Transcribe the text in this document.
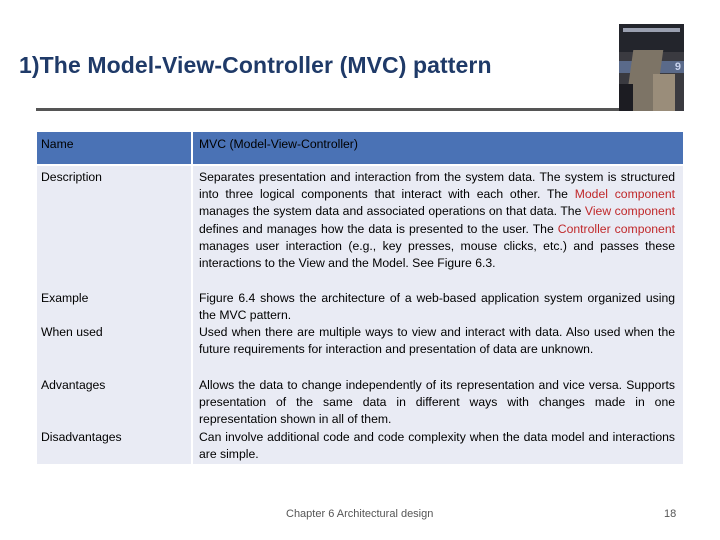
1)The Model-View-Controller (MVC) pattern	9

Name	MVC (Model-View-Controller)

Description	Separates presentation and interaction from the system data. The system is structured into three logical components that interact with each other. The Model component manages the system data and associated operations on that data. The View component defines and manages how the data is presented to the user. The Controller component manages user interaction (e.g., key presses, mouse clicks, etc.) and passes these interactions to the View and the Model. See Figure 6.3.

Example	Figure 6.4 shows the architecture of a web-based application system organized using the MVC pattern.

When used	Used when there are multiple ways to view and interact with data. Also used when the future requirements for interaction and presentation of data are unknown.

Advantages	Allows the data to change independently of its representation and vice versa. Supports presentation of the same data in different ways with changes made in one representation shown in all of them.

Disadvantages	Can involve additional code and code complexity when the data model and interactions are simple.

Chapter 6 Architectural design	18
